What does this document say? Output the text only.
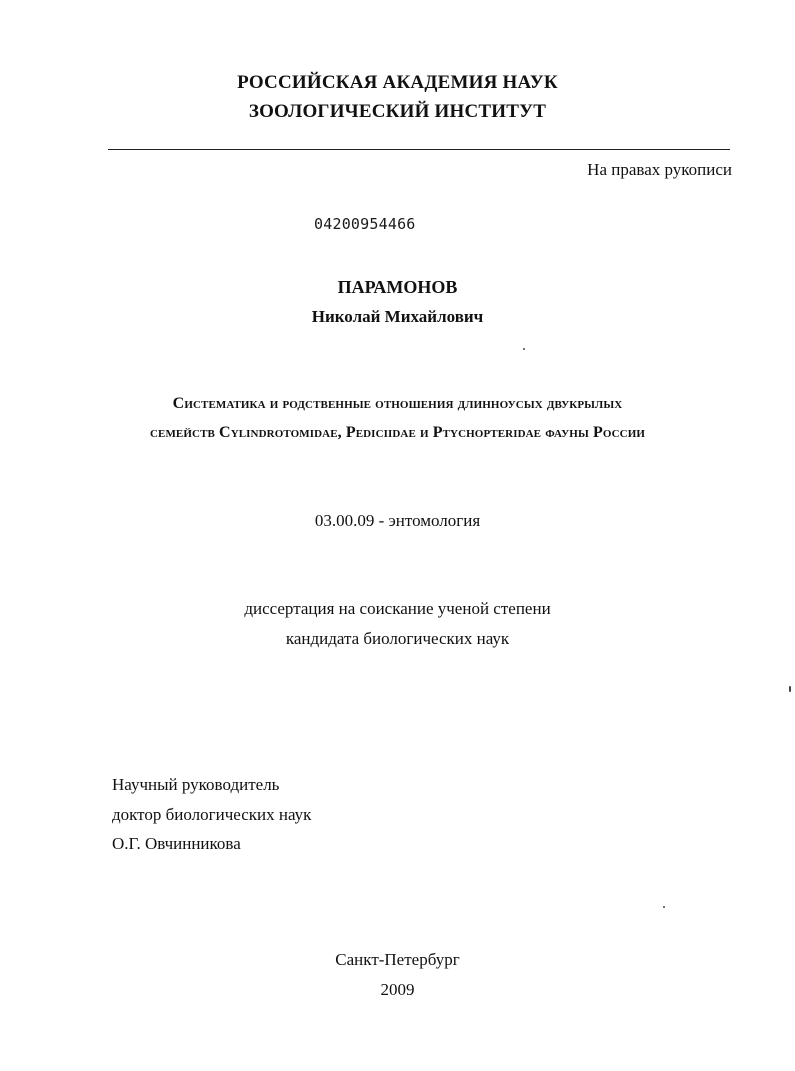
РОССИЙСКАЯ АКАДЕМИЯ НАУК
ЗООЛОГИЧЕСКИЙ ИНСТИТУТ
На правах рукописи
04200954466
ПАРАМОНОВ
Николай Михайлович
Систематика и родственные отношения длинноусых двукрылых
семейств Cylindrotomidae, Pediciidae и Ptychopteridae фауны России
03.00.09 - энтомология
диссертация на соискание ученой степени
кандидата биологических наук
Научный руководитель
доктор биологических наук
О.Г. Овчинникова
Санкт-Петербург
2009
